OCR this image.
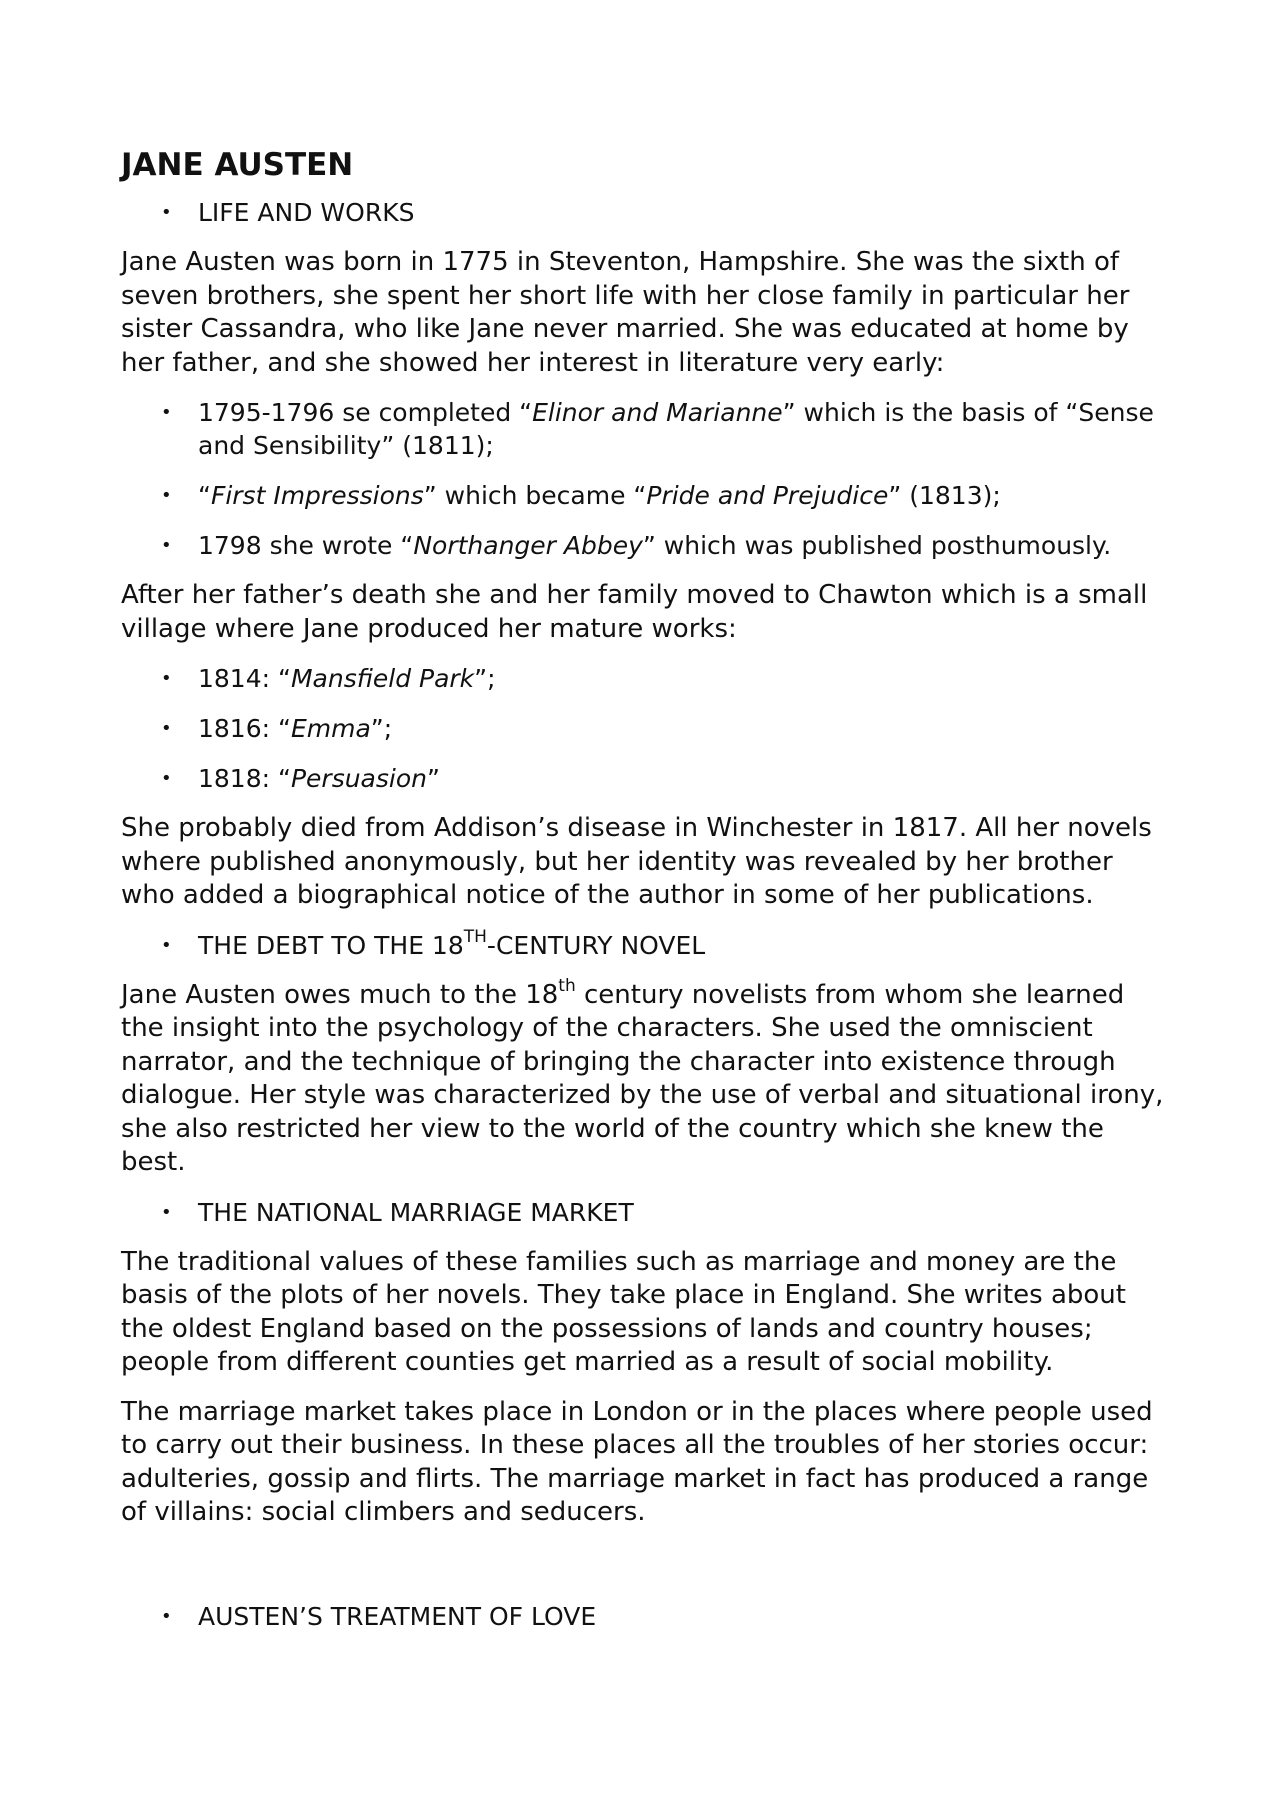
JANE AUSTEN
• LIFE AND WORKS
Jane Austen was born in 1775 in Steventon, Hampshire. She was the sixth of seven brothers, she spent her short life with her close family in particular her sister Cassandra, who like Jane never married. She was educated at home by her father, and she showed her interest in literature very early:
• 1795-1796 se completed “Elinor and Marianne” which is the basis of “Sense and Sensibility” (1811);
• “First Impressions” which became “Pride and Prejudice” (1813);
• 1798 she wrote “Northanger Abbey” which was published posthumously.
After her father’s death she and her family moved to Chawton which is a small village where Jane produced her mature works:
• 1814: “Mansfield Park”;
• 1816: “Emma”;
• 1818: “Persuasion”
She probably died from Addison’s disease in Winchester in 1817. All her novels where published anonymously, but her identity was revealed by her brother who added a biographical notice of the author in some of her publications.
• THE DEBT TO THE 18TH-CENTURY NOVEL
Jane Austen owes much to the 18th century novelists from whom she learned the insight into the psychology of the characters. She used the omniscient narrator, and the technique of bringing the character into existence through dialogue. Her style was characterized by the use of verbal and situational irony, she also restricted her view to the world of the country which she knew the best.
• THE NATIONAL MARRIAGE MARKET
The traditional values of these families such as marriage and money are the basis of the plots of her novels. They take place in England. She writes about the oldest England based on the possessions of lands and country houses; people from different counties get married as a result of social mobility.
The marriage market takes place in London or in the places where people used to carry out their business. In these places all the troubles of her stories occur: adulteries, gossip and flirts. The marriage market in fact has produced a range of villains: social climbers and seducers.
• AUSTEN’S TREATMENT OF LOVE
